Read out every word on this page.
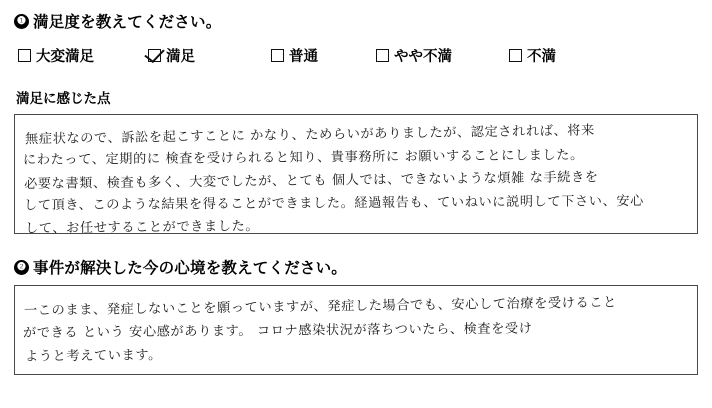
❶ 満足度を教えてください。
大変満足	満足	普通	やや不満	不満
満足に感じた点
無症状なので、訴訟を起こすことに かなり、ためらいがありましたが、認定されれば、将来
にわたって、定期的に 検査を受けられると知り、貴事務所に お願いすることにしました。
必要な書類、検査も多く、大変でしたが、とても 個人では、できないような煩雑 な手続きを
して頂き、このような結果を得ることができました。経過報告も、ていねいに説明して下さい、安心
して、お任せすることができました。
❷ 事件が解決した今の心境を教えてください。
一このまま、発症しないことを願っていますが、発症した場合でも、安心して治療を受けること
ができる という 安心感があります。 コロナ感染状況が落ちついたら、検査を受け
ようと考えています。
